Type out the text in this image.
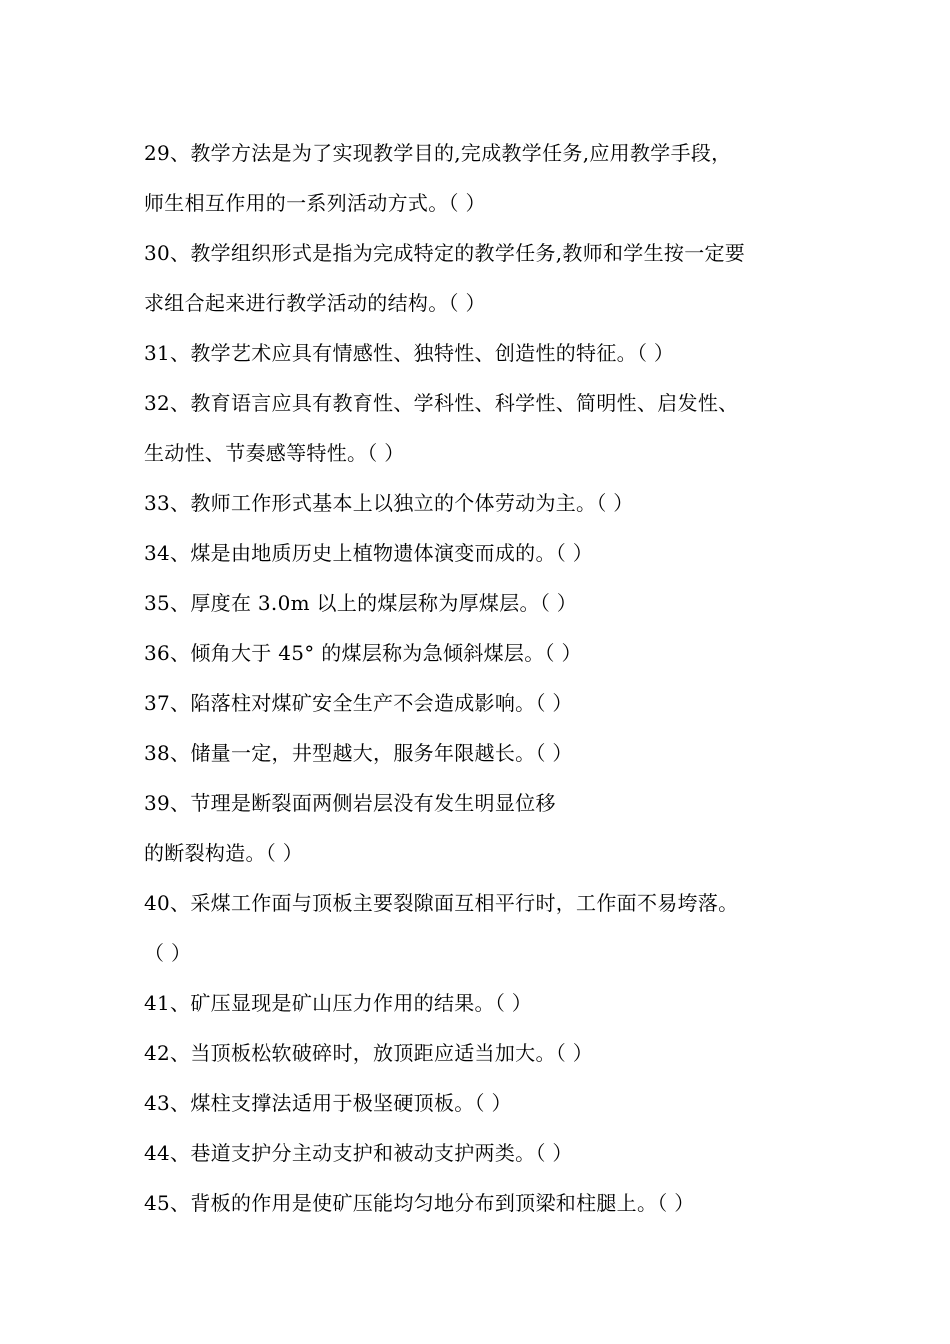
29、教学方法是为了实现教学目的,完成教学任务,应用教学手段，
师生相互作用的一系列活动方式。（ ）
30、教学组织形式是指为完成特定的教学任务,教师和学生按一定要
求组合起来进行教学活动的结构。（ ）
31、教学艺术应具有情感性、独特性、创造性的特征。（ ）
32、教育语言应具有教育性、学科性、科学性、简明性、启发性、
生动性、节奏感等特性。（ ）
33、教师工作形式基本上以独立的个体劳动为主。（ ）
34、煤是由地质历史上植物遗体演变而成的。（ ）
35、厚度在 3.0m 以上的煤层称为厚煤层。（ ）
36、倾角大于 45° 的煤层称为急倾斜煤层。（ ）
37、陷落柱对煤矿安全生产不会造成影响。（ ）
38、储量一定，井型越大，服务年限越长。（ ）
39、节理是断裂面两侧岩层没有发生明显位移
的断裂构造。（ ）
40、采煤工作面与顶板主要裂隙面互相平行时，工作面不易垮落。
（ ）
41、矿压显现是矿山压力作用的结果。（ ）
42、当顶板松软破碎时，放顶距应适当加大。（ ）
43、煤柱支撑法适用于极坚硬顶板。（ ）
44、巷道支护分主动支护和被动支护两类。（ ）
45、背板的作用是使矿压能均匀地分布到顶梁和柱腿上。（ ）
